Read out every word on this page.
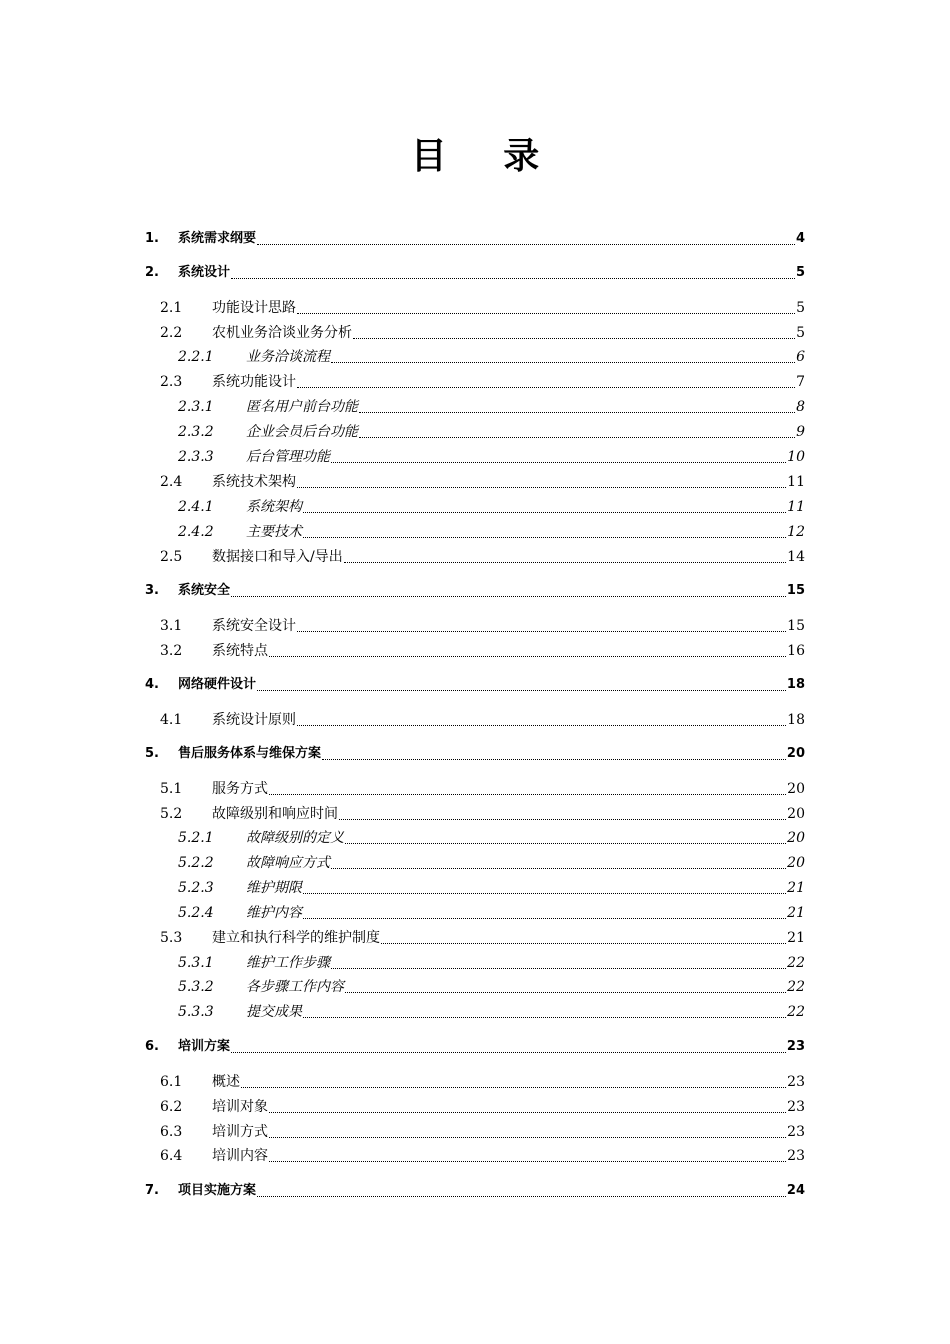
目 录
1. 系统需求纲要	4
2. 系统设计	5
2.1 功能设计思路	5
2.2 农机业务洽谈业务分析	5
2.2.1 业务洽谈流程	6
2.3 系统功能设计	7
2.3.1 匿名用户前台功能	8
2.3.2 企业会员后台功能	9
2.3.3 后台管理功能	10
2.4 系统技术架构	11
2.4.1 系统架构	11
2.4.2 主要技术	12
2.5 数据接口和导入/导出	14
3. 系统安全	15
3.1 系统安全设计	15
3.2 系统特点	16
4. 网络硬件设计	18
4.1 系统设计原则	18
5. 售后服务体系与维保方案	20
5.1 服务方式	20
5.2 故障级别和响应时间	20
5.2.1 故障级别的定义	20
5.2.2 故障响应方式	20
5.2.3 维护期限	21
5.2.4 维护内容	21
5.3 建立和执行科学的维护制度	21
5.3.1 维护工作步骤	22
5.3.2 各步骤工作内容	22
5.3.3 提交成果	22
6. 培训方案	23
6.1 概述	23
6.2 培训对象	23
6.3 培训方式	23
6.4 培训内容	23
7. 项目实施方案	24
